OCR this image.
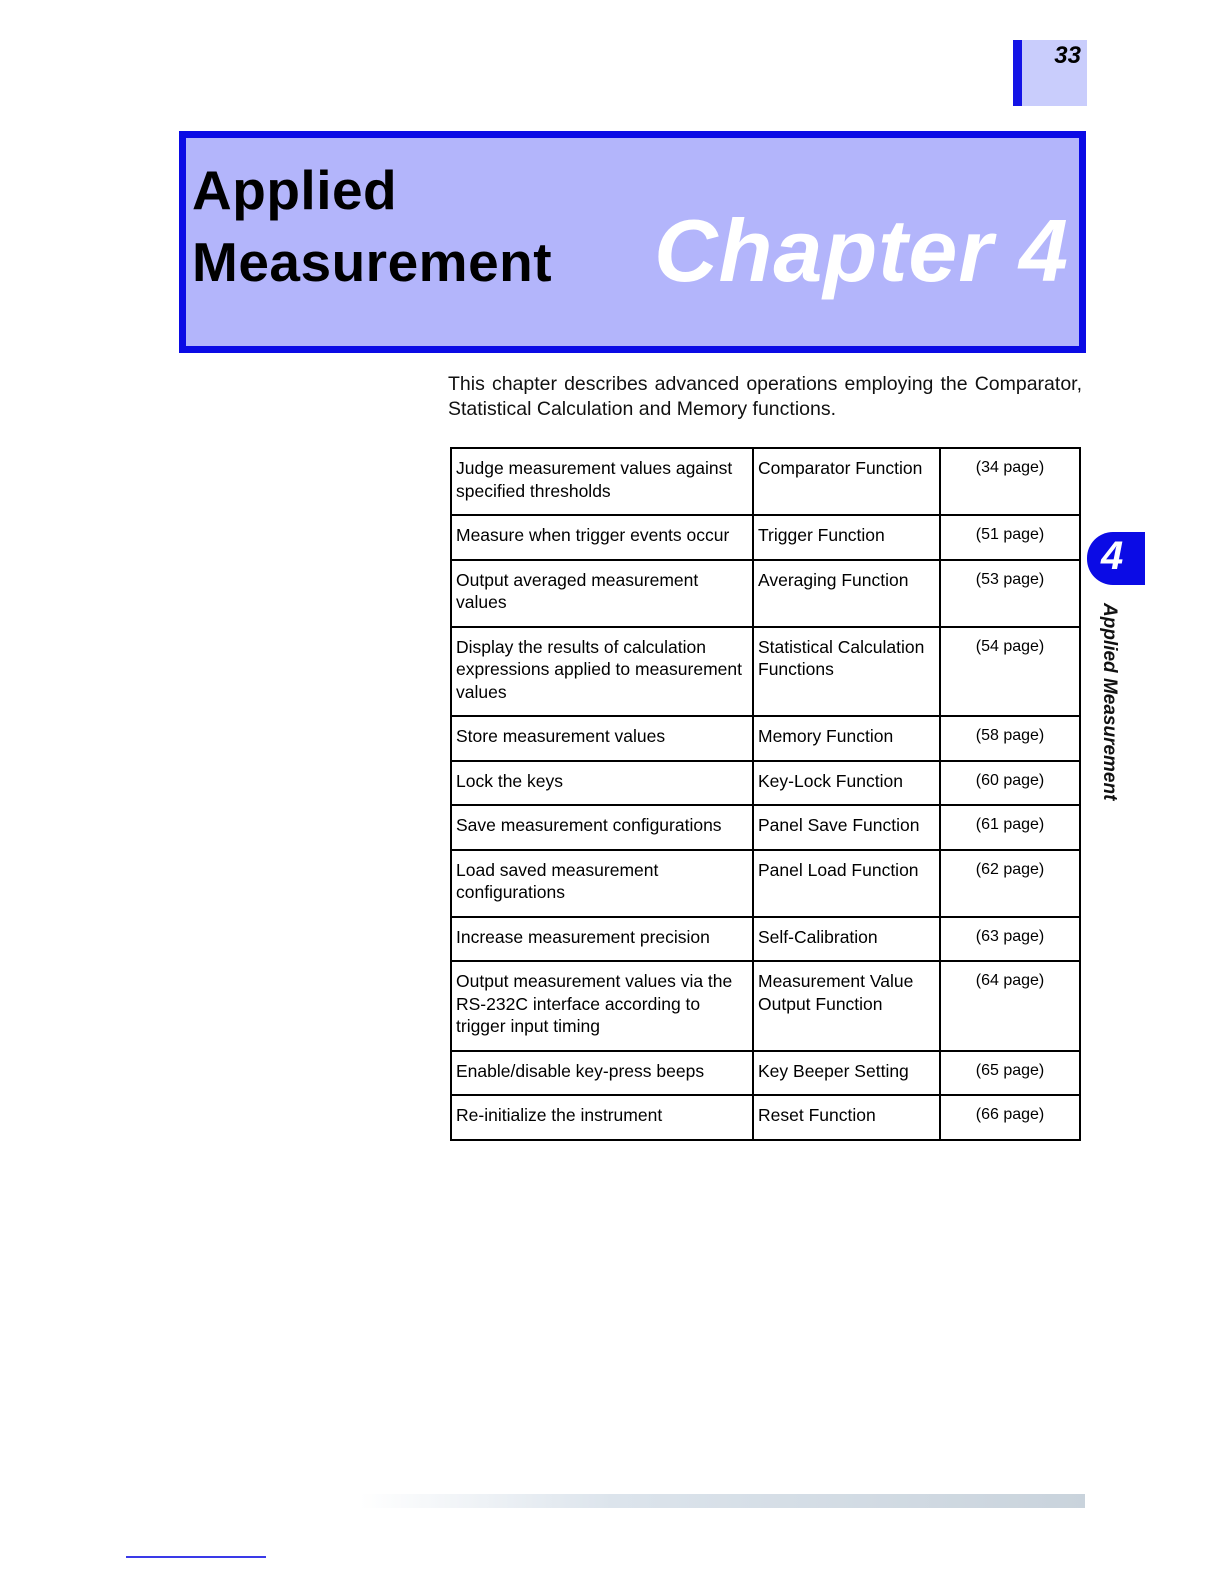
33
Applied
Measurement Chapter 4
This chapter describes advanced operations employing the Comparator, Statistical Calculation and Memory functions.
Judge measurement values against specified thresholds	Comparator Function	(34 page)
Measure when trigger events occur	Trigger Function	(51 page)
Output averaged measurement values	Averaging Function	(53 page)
Display the results of calculation expressions applied to measurement values	Statistical Calculation Functions	(54 page)
Store measurement values	Memory Function	(58 page)
Lock the keys	Key-Lock Function	(60 page)
Save measurement configurations	Panel Save Function	(61 page)
Load saved measurement configurations	Panel Load Function	(62 page)
Increase measurement precision	Self-Calibration	(63 page)
Output measurement values via the RS-232C interface according to trigger input timing	Measurement Value Output Function	(64 page)
Enable/disable key-press beeps	Key Beeper Setting	(65 page)
Re-initialize the instrument	Reset Function	(66 page)
4
Applied Measurement
